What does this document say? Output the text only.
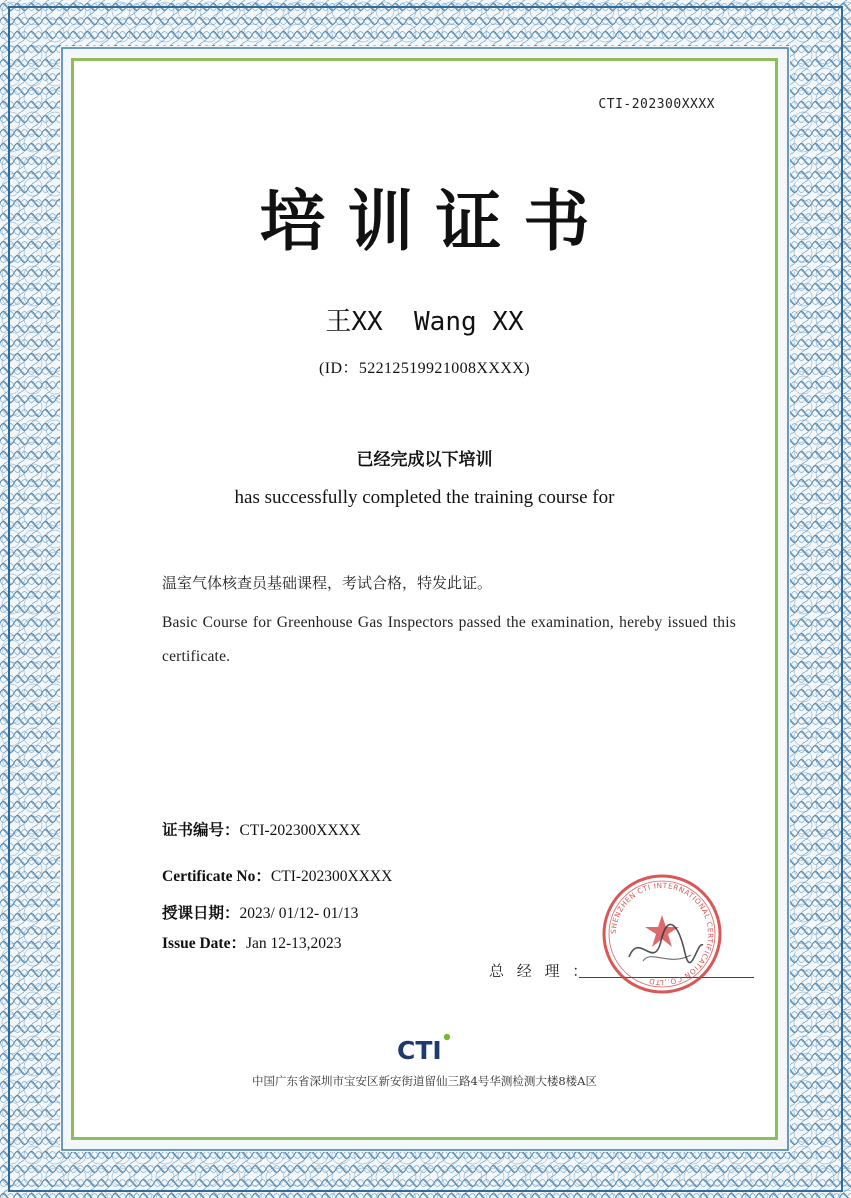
CTI-202300XXXX
培训证书
王XX  Wang XX
(ID：52212519921008XXXX)
已经完成以下培训
has successfully completed the training course for
温室气体核查员基础课程，考试合格，特发此证。
Basic Course for Greenhouse Gas Inspectors passed the examination, hereby issued this certificate.
证书编号：CTI-202300XXXX
Certificate No：CTI-202300XXXX
授课日期：2023/ 01/12- 01/13
Issue Date：Jan 12-13,2023
总 经 理 ：
SHENZHEN CTI INTERNATIONAL CERTIFICATION CO.,LTD
CTI
中国广东省深圳市宝安区新安街道留仙三路4号华测检测大楼8楼A区
